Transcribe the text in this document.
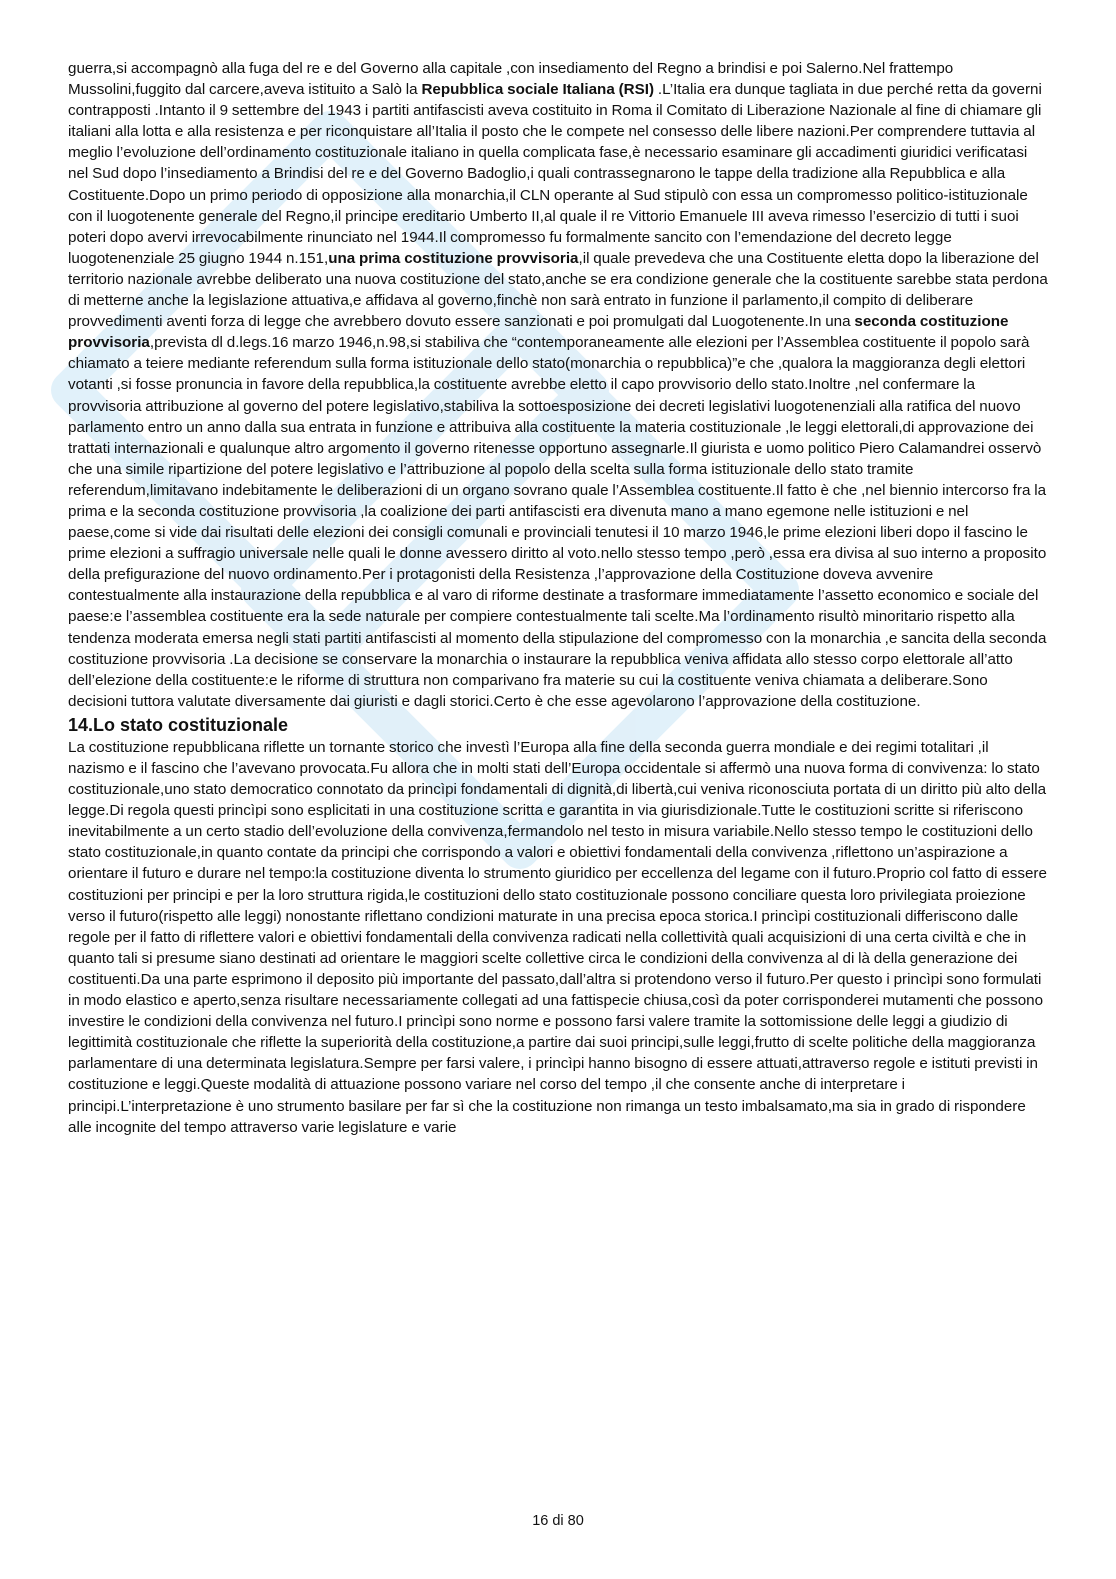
guerra,si accompagnò alla fuga del re e del Governo alla capitale ,con insediamento del Regno a brindisi e poi Salerno.Nel frattempo Mussolini,fuggito dal carcere,aveva istituito a Salò la Repubblica sociale Italiana (RSI) .L’Italia era dunque tagliata in due perché retta da governi contrapposti .Intanto il 9 settembre del 1943 i partiti antifascisti aveva costituito in Roma il Comitato di Liberazione Nazionale al fine di chiamare gli italiani alla lotta e alla resistenza e per riconquistare all’Italia il posto che le compete nel consesso delle libere nazioni.Per comprendere tuttavia al meglio l’evoluzione dell’ordinamento costituzionale italiano in quella complicata fase,è necessario esaminare gli accadimenti giuridici verificatasi nel Sud dopo l’insediamento a Brindisi del re e del Governo Badoglio,i quali contrassegnarono le tappe della tradizione alla Repubblica e alla Costituente.Dopo un primo periodo di opposizione alla monarchia,il CLN operante al Sud stipulò con essa un compromesso politico-istituzionale con il luogotenente generale del Regno,il principe ereditario Umberto II,al quale il re Vittorio Emanuele III aveva rimesso l’esercizio di tutti i suoi poteri dopo avervi irrevocabilmente rinunciato nel 1944.Il compromesso fu formalmente sancito con l’emendazione del decreto legge luogotenenziale 25 giugno 1944 n.151,una prima costituzione provvisoria,il quale prevedeva che una Costituente eletta dopo la liberazione del territorio nazionale avrebbe deliberato una nuova costituzione del stato,anche se era condizione generale che la costituente sarebbe stata perdona di metterne anche la legislazione attuativa,e affidava al governo,finchè non sarà entrato in funzione il parlamento,il compito di deliberare provvedimenti aventi forza di legge che avrebbero dovuto essere sanzionati e poi promulgati dal Luogotenente.In una seconda costituzione provvisoria,prevista dl d.legs.16 marzo 1946,n.98,si stabiliva che “contemporaneamente alle elezioni per l’Assemblea costituente il popolo sarà chiamato a teiere mediante referendum sulla forma istituzionale dello stato(monarchia o repubblica)”e che ,qualora la maggioranza degli elettori votanti ,si fosse pronuncia in favore della repubblica,la costituente avrebbe eletto il capo provvisorio dello stato.Inoltre ,nel confermare la provvisoria attribuzione al governo del potere legislativo,stabiliva la sottoesposizione dei decreti legislativi luogotenenziali alla ratifica del nuovo parlamento entro un anno dalla sua entrata in funzione e attribuiva alla costituente la materia costituzionale ,le leggi elettorali,di approvazione dei trattati internazionali e qualunque altro argomento il governo ritenesse opportuno assegnarle.Il giurista e uomo politico Piero Calamandrei osservò che una simile ripartizione del potere legislativo e l’attribuzione al popolo della scelta sulla forma istituzionale dello stato tramite referendum,limitavano indebitamente le deliberazioni di un organo sovrano quale l’Assemblea costituente.Il fatto è che ,nel biennio intercorso fra la prima e la seconda costituzione provvisoria ,la coalizione dei parti antifascisti era divenuta mano a mano egemone nelle istituzioni e nel paese,come si vide dai risultati delle elezioni dei consigli comunali e provinciali tenutesi il 10 marzo 1946,le prime elezioni liberi dopo il fascino le prime elezioni a suffragio universale nelle quali le donne avessero diritto al voto.nello stesso tempo ,però ,essa era divisa al suo interno a proposito della prefigurazione del nuovo ordinamento.Per i protagonisti della Resistenza ,l’approvazione della Costituzione doveva avvenire contestualmente alla instaurazione della repubblica e al varo di riforme destinate a trasformare immediatamente l’assetto economico e sociale del paese:e l’assemblea costituente era la sede naturale per compiere contestualmente tali scelte.Ma l’ordinamento risultò minoritario rispetto alla tendenza moderata emersa negli stati partiti antifascisti al momento della stipulazione del compromesso con la monarchia ,e sancita della seconda costituzione provvisoria .La decisione se conservare la monarchia o instaurare la repubblica veniva affidata allo stesso corpo elettorale all’atto dell’elezione della costituente:e le riforme di struttura non comparivano fra materie su cui la costituente veniva chiamata a deliberare.Sono decisioni tuttora valutate diversamente dai giuristi e dagli storici.Certo è che esse agevolarono l’approvazione della costituzione.

14.Lo stato costituzionale

La costituzione repubblicana riflette un tornante storico che investì l’Europa alla fine della seconda guerra mondiale e dei regimi totalitari ,il nazismo e il fascino che l’avevano provocata.Fu allora che in molti stati dell’Europa occidentale si affermò una nuova forma di convivenza: lo stato costituzionale,uno stato democratico connotato da princìpi fondamentali di dignità,di libertà,cui veniva riconosciuta portata di un diritto più alto della legge.Di regola questi princìpi sono esplicitati in una costituzione scritta e garantita in via giurisdizionale.Tutte le costituzioni scritte si riferiscono inevitabilmente a un certo stadio dell’evoluzione della convivenza,fermandolo nel testo in misura variabile.Nello stesso tempo le costituzioni dello stato costituzionale,in quanto contate da principi che corrispondo a valori e obiettivi fondamentali della convivenza ,riflettono un’aspirazione a orientare il futuro e durare nel tempo:la costituzione diventa lo strumento giuridico per eccellenza del legame con il futuro.Proprio col fatto di essere costituzioni per principi e per la loro struttura rigida,le costituzioni dello stato costituzionale possono conciliare questa loro privilegiata proiezione verso il futuro(rispetto alle leggi) nonostante riflettano condizioni maturate in una precisa epoca storica.I princìpi costituzionali differiscono dalle regole per il fatto di riflettere valori e obiettivi fondamentali della convivenza radicati nella collettività quali acquisizioni di una certa civiltà e che in quanto tali si presume siano destinati ad orientare le maggiori scelte collettive circa le condizioni della convivenza al di là della generazione dei costituenti.Da una parte esprimono il deposito più importante del passato,dall’altra si protendono verso il futuro.Per questo i princìpi sono formulati in modo elastico e aperto,senza risultare necessariamente collegati ad una fattispecie chiusa,così da poter corrisponderei mutamenti che possono investire le condizioni della convivenza nel futuro.I princìpi sono norme e possono farsi valere tramite la sottomissione delle leggi a giudizio di legittimità costituzionale che riflette la superiorità della costituzione,a partire dai suoi principi,sulle leggi,frutto di scelte politiche della maggioranza parlamentare di una determinata legislatura.Sempre per farsi valere, i princìpi hanno bisogno di essere attuati,attraverso regole e istituti previsti in costituzione e leggi.Queste modalità di attuazione possono variare nel corso del tempo ,il che consente anche di interpretare i principi.L’interpretazione è uno strumento basilare per far sì che la costituzione non rimanga un testo imbalsamato,ma sia in grado di rispondere alle incognite del tempo attraverso varie legislature e varie

16 di 80
